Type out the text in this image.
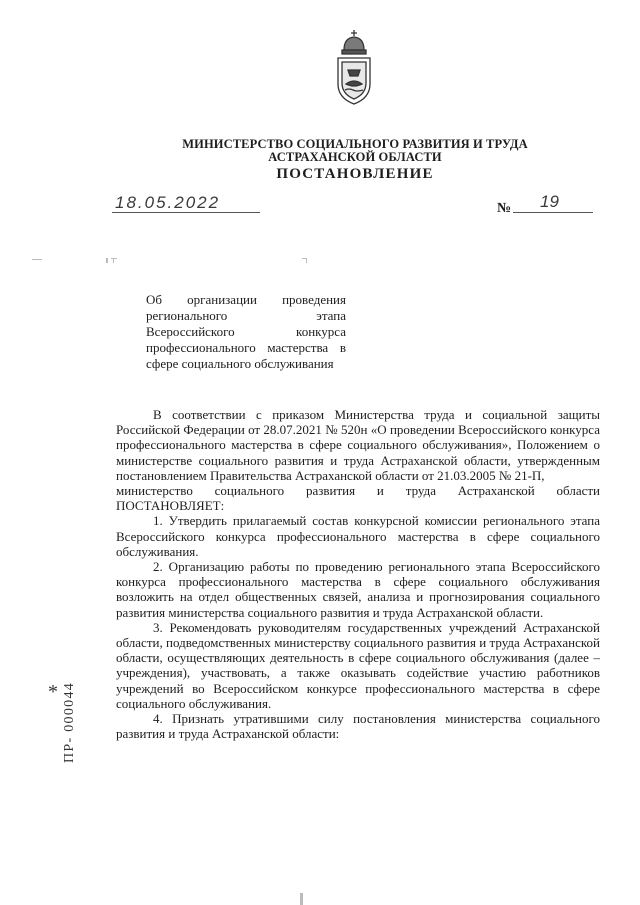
МИНИСТЕРСТВО СОЦИАЛЬНОГО РАЗВИТИЯ И ТРУДА
АСТРАХАНСКОЙ ОБЛАСТИ
ПОСТАНОВЛЕНИЕ
18.05.2022	№ 19
Об организации проведения регионального этапа Всероссийского конкурса профессионального мастерства в сфере социального обслуживания

В соответствии с приказом Министерства труда и социальной защиты Российской Федерации от 28.07.2021 № 520н «О проведении Всероссийского конкурса профессионального мастерства в сфере социального обслуживания», Положением о министерстве социального развития и труда Астраханской области, утвержденным постановлением Правительства Астраханской области от 21.03.2005 № 21-П,

министерство социального развития и труда Астраханской области

ПОСТАНОВЛЯЕТ:

1. Утвердить прилагаемый состав конкурсной комиссии регионального этапа Всероссийского конкурса профессионального мастерства в сфере социального обслуживания.

2. Организацию работы по проведению регионального этапа Всероссийского конкурса профессионального мастерства в сфере социального обслуживания возложить на отдел общественных связей, анализа и прогнозирования социального развития министерства социального развития и труда Астраханской области.

3. Рекомендовать руководителям государственных учреждений Астраханской области, подведомственных министерству социального развития и труда Астраханской области, осуществляющих деятельность в сфере социального обслуживания (далее – учреждения), участвовать, а также оказывать содействие участию работников учреждений во Всероссийском конкурсе профессионального мастерства в сфере социального обслуживания.

4. Признать утратившими силу постановления министерства социального развития и труда Астраханской области:

* ПР- 000044
